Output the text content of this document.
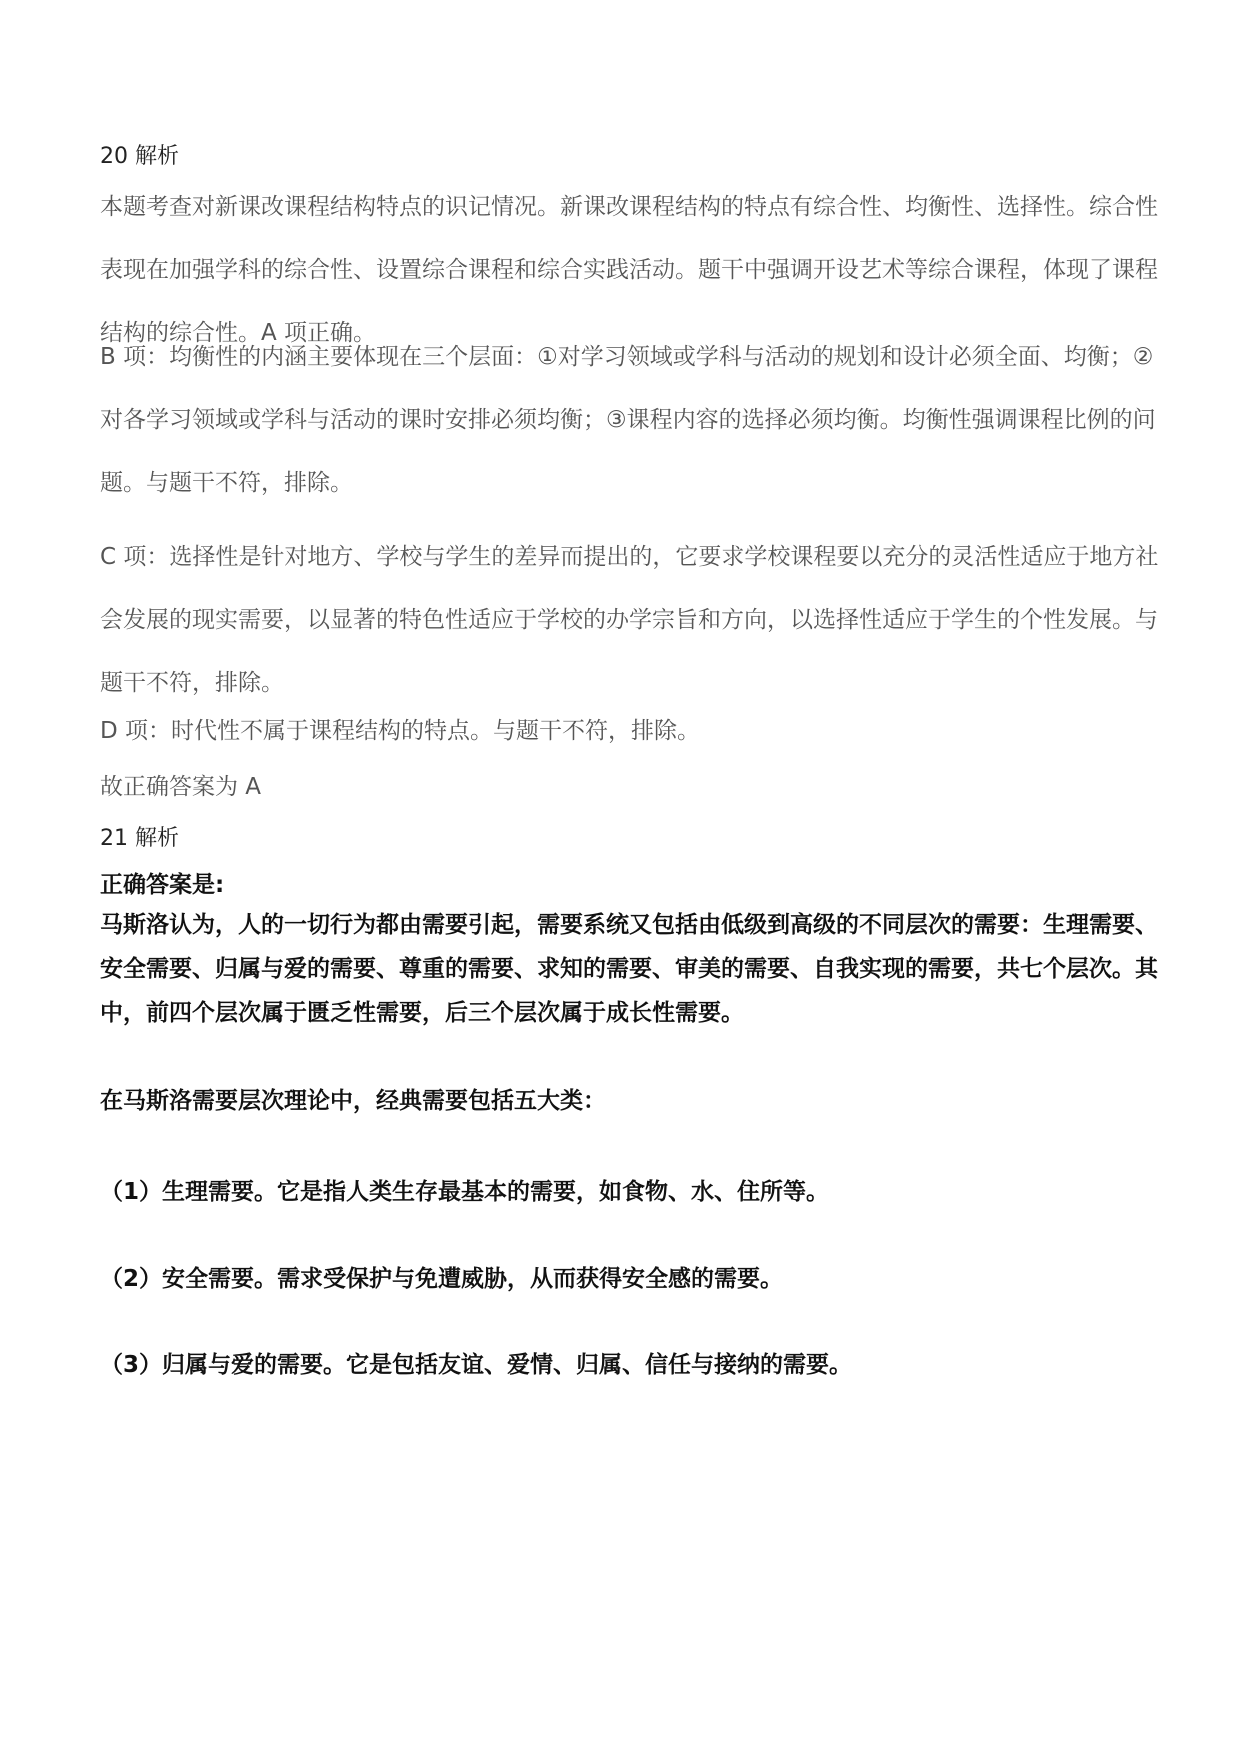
20 解析

本题考查对新课改课程结构特点的识记情况。新课改课程结构的特点有综合性、均衡性、选择性。综合性表现在加强学科的综合性、设置综合课程和综合实践活动。题干中强调开设艺术等综合课程，体现了课程结构的综合性。A 项正确。

B 项：均衡性的内涵主要体现在三个层面：①对学习领域或学科与活动的规划和设计必须全面、均衡；②对各学习领域或学科与活动的课时安排必须均衡；③课程内容的选择必须均衡。均衡性强调课程比例的问题。与题干不符，排除。

C 项：选择性是针对地方、学校与学生的差异而提出的，它要求学校课程要以充分的灵活性适应于地方社会发展的现实需要，以显著的特色性适应于学校的办学宗旨和方向，以选择性适应于学生的个性发展。与题干不符，排除。

D 项：时代性不属于课程结构的特点。与题干不符，排除。

故正确答案为 A

21 解析

正确答案是:

马斯洛认为，人的一切行为都由需要引起，需要系统又包括由低级到高级的不同层次的需要：生理需要、安全需要、归属与爱的需要、尊重的需要、求知的需要、审美的需要、自我实现的需要，共七个层次。其中，前四个层次属于匮乏性需要，后三个层次属于成长性需要。

在马斯洛需要层次理论中，经典需要包括五大类：

（1）生理需要。它是指人类生存最基本的需要，如食物、水、住所等。

（2）安全需要。需求受保护与免遭威胁，从而获得安全感的需要。

（3）归属与爱的需要。它是包括友谊、爱情、归属、信任与接纳的需要。
